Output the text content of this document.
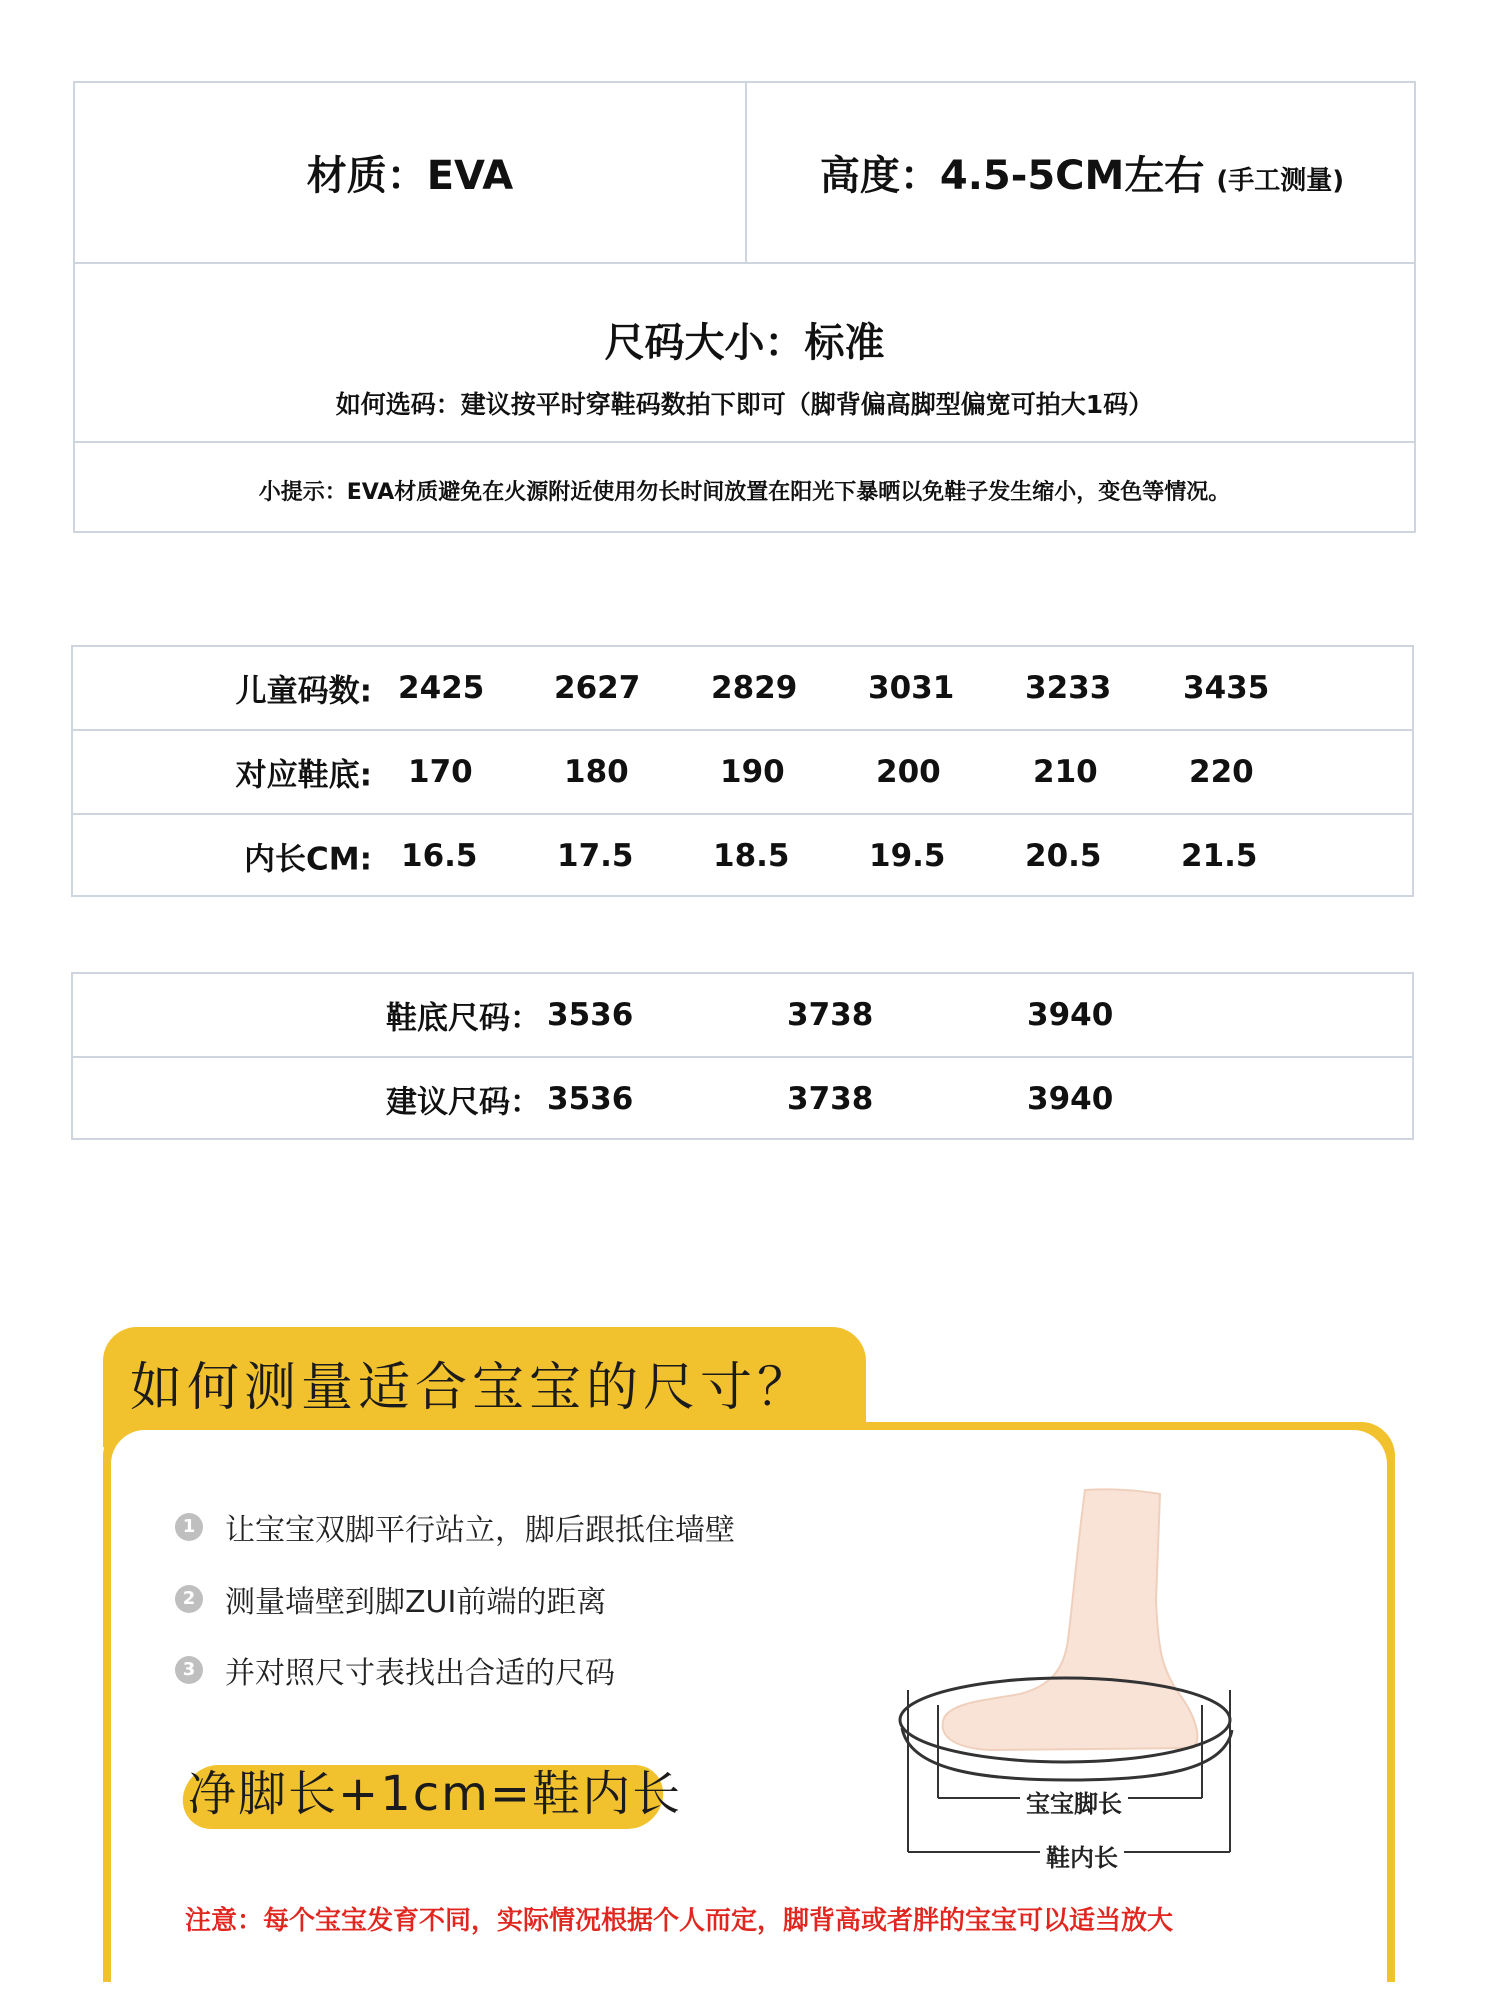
材质：EVA	高度：4.5-5CM左右 (手工测量)
尺码大小：标准
如何选码：建议按平时穿鞋码数拍下即可（脚背偏高脚型偏宽可拍大1码）
小提示：EVA材质避免在火源附近使用勿长时间放置在阳光下暴晒以免鞋子发生缩小，变色等情况。
儿童码数: 2425 2627 2829 3031 3233 3435
对应鞋底: 170	180	190	200	210	220
内长CM: 16.5	17.5	18.5	19.5	20.5	21.5
鞋底尺码： 3536	3738	3940
建议尺码： 3536	3738	3940
如何测量适合宝宝的尺寸？
1 让宝宝双脚平行站立，脚后跟抵住墙壁
2 测量墙壁到脚ZUI前端的距离
3 并对照尺寸表找出合适的尺码
净脚长+1cm=鞋内长	宝宝脚长
鞋内长
注意：每个宝宝发育不同，实际情况根据个人而定，脚背高或者胖的宝宝可以适当放大
